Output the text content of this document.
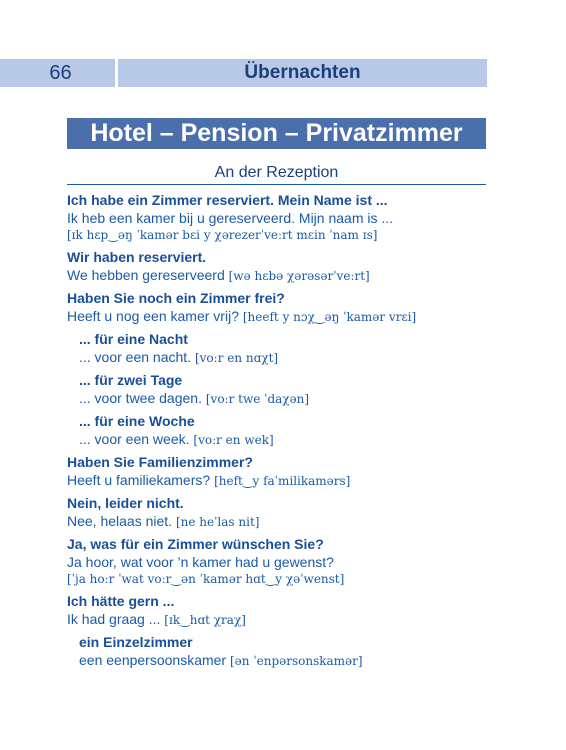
66	Übernachten
Hotel – Pension – Privatzimmer
An der Rezeption
Ich habe ein Zimmer reserviert. Mein Name ist ...
Ik heb een kamer bij u gereserveerd. Mijn naam is ...
[ɪk hɛp‿əŋ ˈkamər bɛi y χərezerˈveːrt mɛin ˈnam ɪs]
Wir haben reserviert.
We hebben gereserveerd [wə hɛbə χərəsərˈveːrt]
Haben Sie noch ein Zimmer frei?
Heeft u nog een kamer vrij? [heeft y nɔχ‿əŋ ˈkamər vrɛi]
... für eine Nacht
... voor een nacht. [voːr en nɑχt]
... für zwei Tage
... voor twee dagen. [voːr twe ˈdaχən]
... für eine Woche
... voor een week. [voːr en wek]
Haben Sie Familienzimmer?
Heeft u familiekamers? [heft‿y faˈmilikamərs]
Nein, leider nicht.
Nee, helaas niet. [ne heˈlas nit]
Ja, was für ein Zimmer wünschen Sie?
Ja hoor, wat voor ’n kamer had u gewenst?
[ˈja hoːr ˈwat voːr‿ən ˈkamər hɑt‿y χəˈwenst]
Ich hätte gern ...
Ik had graag ... [ɪk‿hɑt χraχ]
ein Einzelzimmer
een eenpersoonskamer [ən ˈenpərsonskamər]
